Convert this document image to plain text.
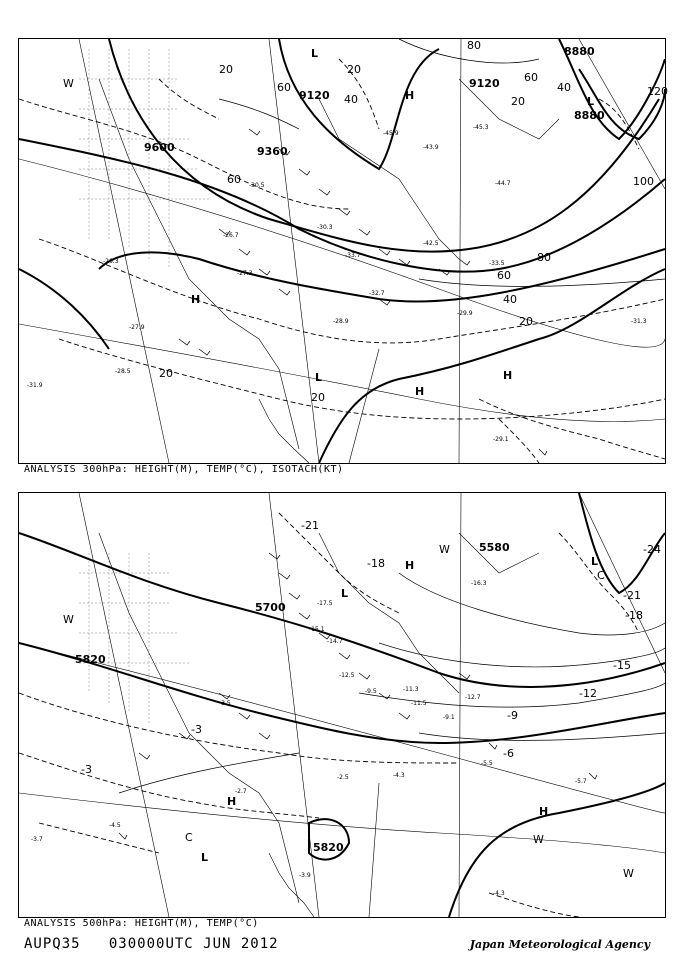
9120
9600	9360
9120
8880
8880
80
60
40
20
40
60
20
20
100
120
80
60
40
20
20
20
60
H
H
H
H
L
L
W
L
-31.3
-29.9
-32.7
-28.9
-29.1
-33.5
-45.3
-43.9
-44.7
-27.3
-26.7
-31.9
-28.5
-27.9
-26.3
-45.9
-42.5
-30.3
-33.7
-30.5
ANALYSIS 300hPa: HEIGHT(M), TEMP(°C), ISOTACH(KT)
5820
5700
5820
5580
-21
-18
-24
-21
-18
-15
-12
-9
-6
-3
-3
H
H
H
L
L
L
C
C
W
W
W
W
-16.3
-17.5
-12.5
-15.1
-14.7
-12.7
-9.1
-11.5
-5.5
-4.3
-5.7
-2.5
-4.3
-3.9
-3.7
-4.5
-2.7
-3.5
-9.5	-11.3
ANALYSIS 500hPa: HEIGHT(M), TEMP(°C)
AUPQ35 030000UTC JUN 2012	Japan Meteorological Agency
